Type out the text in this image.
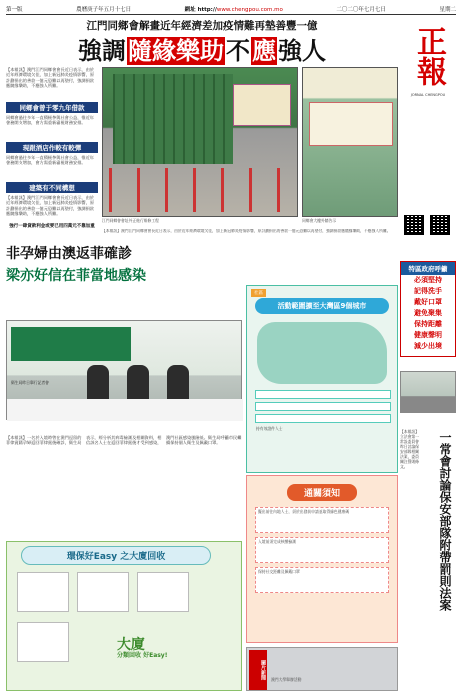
第一版	農曆庚子年五月十七日	網址 http://www.chengpou.com.mo	二〇二〇年七月七日	星期二
江門同鄉會解畫近年經濟差加疫情難再墊善豐一億
強調 隨緣樂助 不 應 強人
【本報訊】澳門江門同鄉會會長近日表示，由於近年經濟環境欠佳，加上新冠肺炎疫情影響，原計劃捐出的善款一億元恐難以再墊付，強調捐款應隨緣樂助，不應強人所難。
同鄉會曾于零九年借款
同鄉會過往多年一直積極參與社會公益，惟近年會務開支增加，會方需重新審視財務安排。
現跟酒店作較有較彈
同鄉會過往多年一直積極參與社會公益，惟近年會務開支增加，會方需重新審視財務安排。
建築有不同構想
【本報訊】澳門江門同鄉會會長近日表示，由於近年經濟環境欠佳，加上新冠肺炎疫情影響，原計劃捐出的善款一億元恐難以再墊付，強調捐款應隨緣樂助，不應強人所難。
強行一肆貸款利金或要已用四萬元不靠加重
江門同鄉會會址外正進行維修工程	同鄉會大樓外牆告示
【本報訊】澳門江門同鄉會會長近日表示，由於近年經濟環境欠佳，加上新冠肺炎疫情影響，原計劃捐出的善款一億元恐難以再墊付，強調捐款應隨緣樂助，不應強人所難。
非孕婦由澳返菲確診
梁亦好信在菲當地感染
衛生局昨日舉行記者會
【本報訊】一名於入境時曾在澳門逗留的菲律賓籍孕婦返回菲律賓後確診，衛生局表示，經分析其病毒檢測及相關資料，相信該名人士在返回菲律賓後才受到感染，澳門社區感染風險低。衛生局呼籲市民繼續保持個人衛生及佩戴口罩。
社區
活動範圍擴至大灣區9個城市
持有效證件人士
通關須知
擬出前往內地人士，須於出發前申請並取得綠色健康碼
入境前須完成核酸檢測
保持社交距離及佩戴口罩
環保好Easy 之大廈回收
大廈
分類回收 好Easy!
圖片新聞 澳門大學舉辦活動
正報
JORNAL CHENGPOU
特區政府呼籲
必須堅持
記得洗手
戴好口罩
避免聚集
保持距離
健康聲明
減少出境
一常會討論保安部隊附帶罰則法案
【本報訊】立法會第一常設委員會昨日討論保安部隊相關法案，委員關注罰則條文。
